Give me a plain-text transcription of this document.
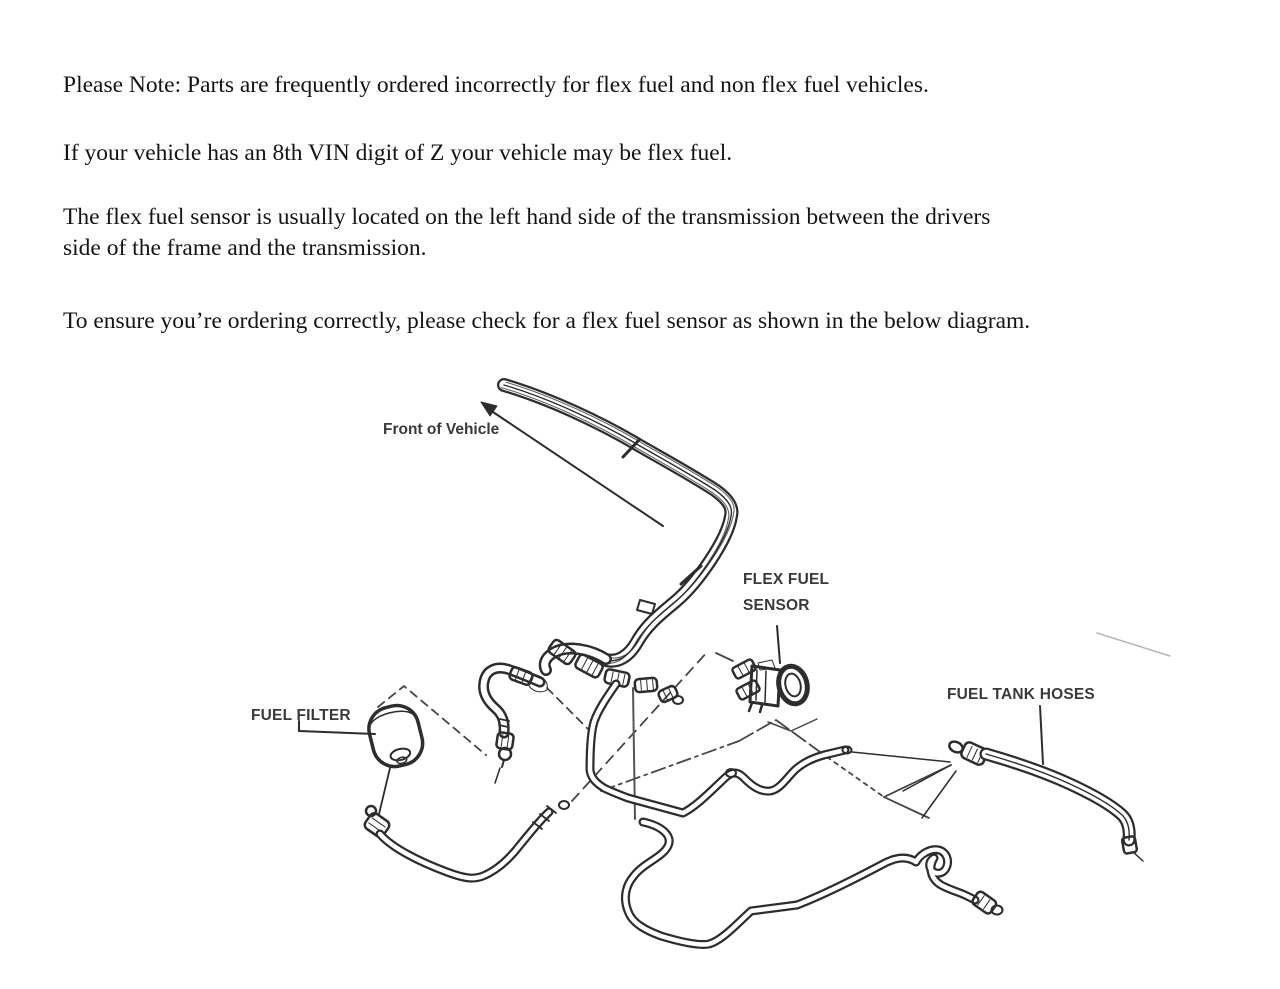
Please Note: Parts are frequently ordered incorrectly for flex fuel and non flex fuel vehicles.

If your vehicle has an 8th VIN digit of Z your vehicle may be flex fuel.

The flex fuel sensor is usually located on the left hand side of the transmission between the drivers
side of the frame and the transmission.

To ensure you’re ordering correctly, please check for a flex fuel sensor as shown in the below diagram.

Front of Vehicle
FLEX FUEL
SENSOR
FUEL TANK HOSES
FUEL FILTER
